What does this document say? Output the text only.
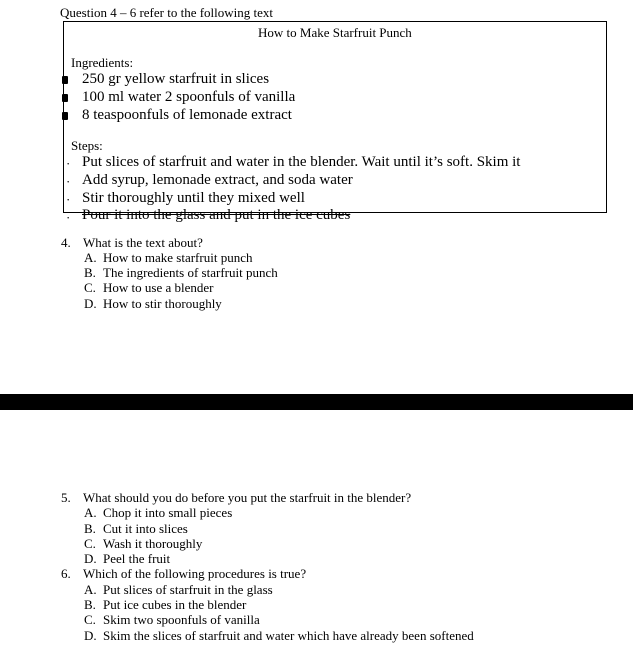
Question 4 – 6 refer to the following text
How to Make Starfruit Punch
Ingredients:
250 gr yellow starfruit in slices
100 ml water 2 spoonfuls of vanilla
8 teaspoonfuls of lemonade extract
Steps:
· Put slices of starfruit and water in the blender. Wait until it’s soft. Skim it
· Add syrup, lemonade extract, and soda water
· Stir thoroughly until they mixed well
· Pour it into the glass and put in the ice cubes
4. What is the text about?
A. How to make starfruit punch
B. The ingredients of starfruit punch
C. How to use a blender
D. How to stir thoroughly
5. What should you do before you put the starfruit in the blender?
A. Chop it into small pieces
B. Cut it into slices
C. Wash it thoroughly
D. Peel the fruit
6. Which of the following procedures is true?
A. Put slices of starfruit in the glass
B. Put ice cubes in the blender
C. Skim two spoonfuls of vanilla
D. Skim the slices of starfruit and water which have already been softened
